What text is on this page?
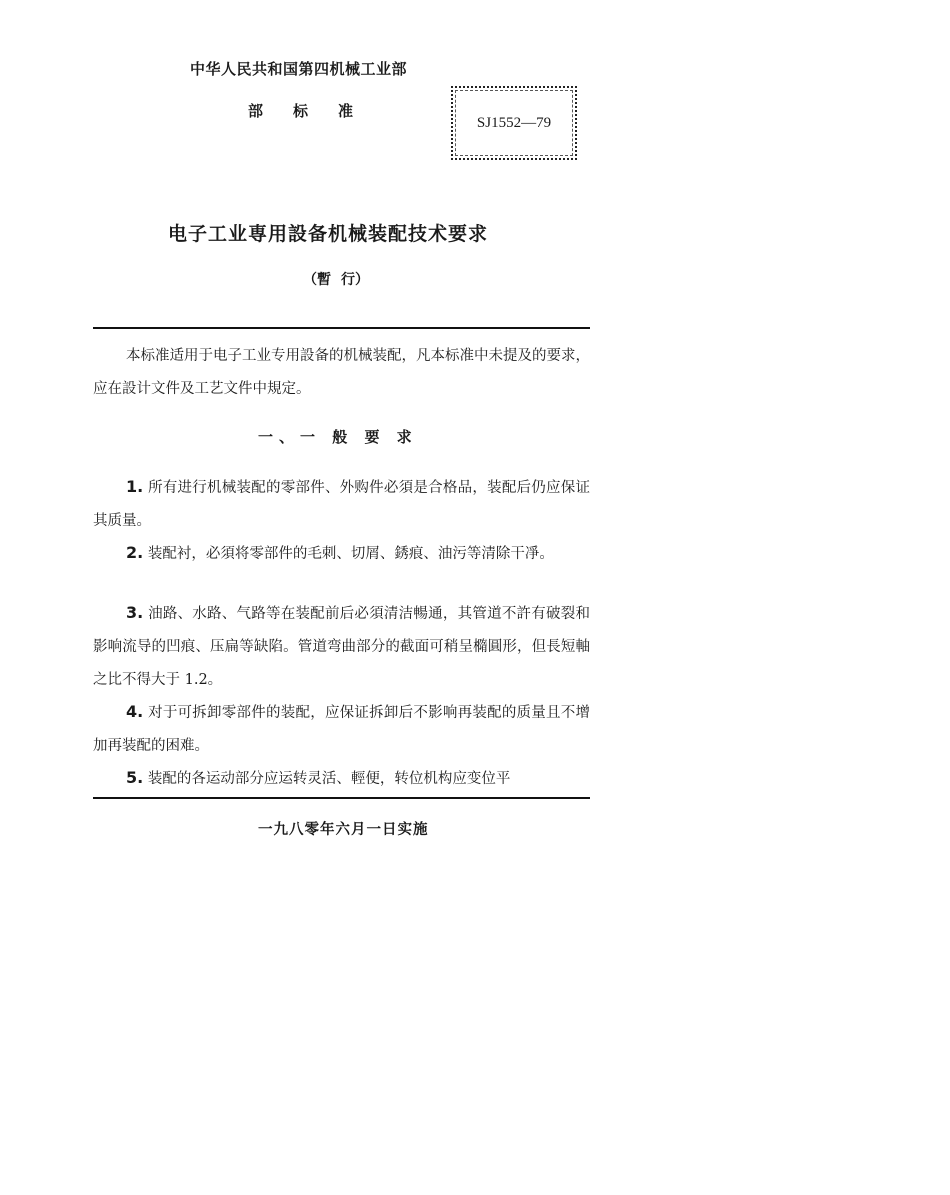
中华人民共和国第四机械工业部
部标准
SJ1552—79
电子工业専用設备机械装配技术要求
（暫 行）
本标准适用于电子工业专用設备的机械装配，凡本标准中未提及的要求，应在設计文件及工艺文件中規定。
一、一 般 要 求
1. 所有进行机械装配的零部件、外购件必須是合格品，装配后仍应保证其质量。
2. 装配衬，必須将零部件的毛刺、切屑、銹痕、油污等清除干凈。
3. 油路、水路、气路等在装配前后必須清洁暢通，其管道不許有破裂和影响流导的凹痕、压扁等缺陷。管道弯曲部分的截面可稍呈橢圓形，但長短軸之比不得大于 1.2。
4. 对于可拆卸零部件的装配，应保证拆卸后不影响再装配的质量且不增加再装配的困难。
5. 装配的各运动部分应运转灵活、輕便，转位机构应变位平
一九八零年六月一日实施
